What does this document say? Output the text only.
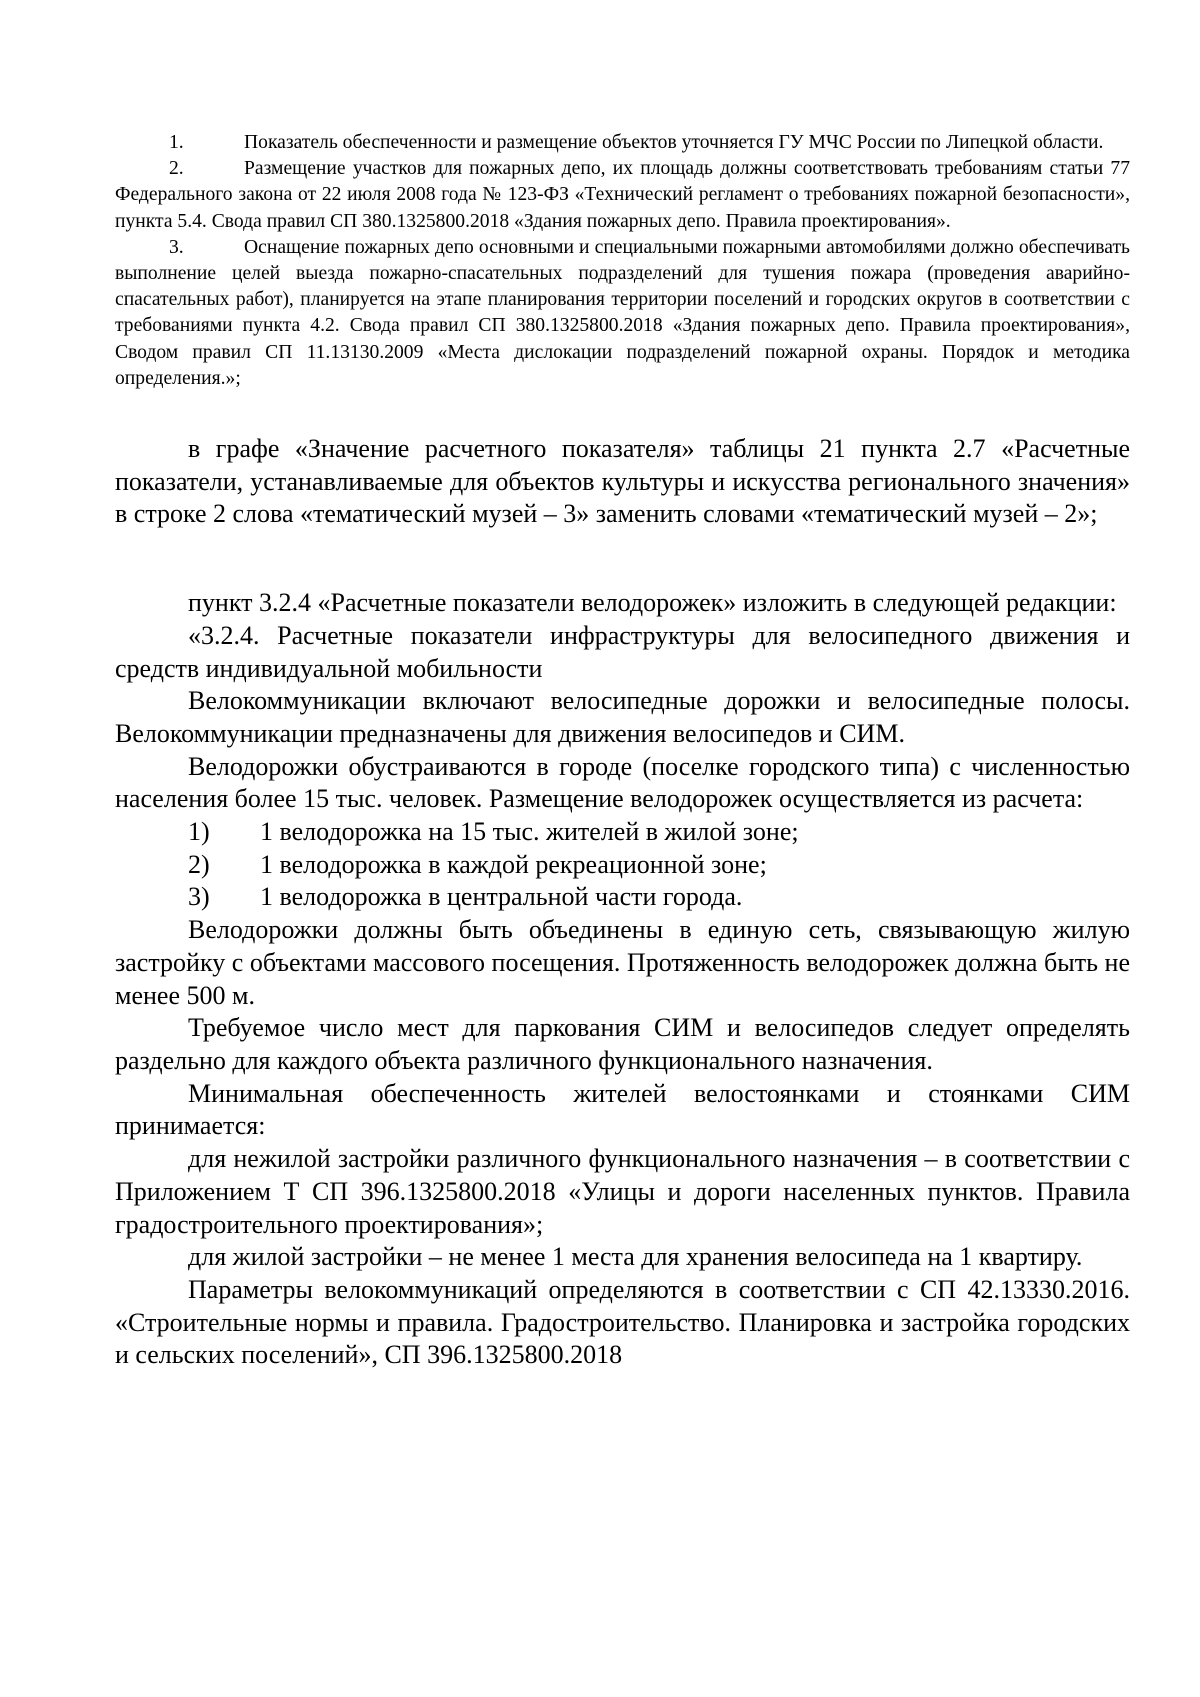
1.	Показатель обеспеченности и размещение объектов уточняется ГУ МЧС России по Липецкой области.
2.	Размещение участков для пожарных депо, их площадь должны соответствовать требованиям статьи 77 Федерального закона от 22 июля 2008 года № 123-ФЗ «Технический регламент о требованиях пожарной безопасности», пункта 5.4. Свода правил СП 380.1325800.2018 «Здания пожарных депо. Правила проектирования».
3.	Оснащение пожарных депо основными и специальными пожарными автомобилями должно обеспечивать выполнение целей выезда пожарно-спасательных подразделений для тушения пожара (проведения аварийно-спасательных работ), планируется на этапе планирования территории поселений и городских округов в соответствии с требованиями пункта 4.2. Свода правил СП 380.1325800.2018 «Здания пожарных депо. Правила проектирования», Сводом правил СП 11.13130.2009 «Места дислокации подразделений пожарной охраны. Порядок и методика определения.»;

в графе «Значение расчетного показателя» таблицы 21 пункта 2.7 «Расчетные показатели, устанавливаемые для объектов культуры и искусства регионального значения» в строке 2 слова «тематический музей – 3» заменить словами «тематический музей – 2»;

пункт 3.2.4 «Расчетные показатели велодорожек» изложить в следующей редакции:

«3.2.4. Расчетные показатели инфраструктуры для велосипедного движения и средств индивидуальной мобильности

Велокоммуникации включают велосипедные дорожки и велосипедные полосы. Велокоммуникации предназначены для движения велосипедов и СИМ.

Велодорожки обустраиваются в городе (поселке городского типа) с численностью населения более 15 тыс. человек. Размещение велодорожек осуществляется из расчета:

1) 1 велодорожка на 15 тыс. жителей в жилой зоне;

2) 1 велодорожка в каждой рекреационной зоне;

3) 1 велодорожка в центральной части города.

Велодорожки должны быть объединены в единую сеть, связывающую жилую застройку с объектами массового посещения. Протяженность велодорожек должна быть не менее 500 м.

Требуемое число мест для паркования СИМ и велосипедов следует определять раздельно для каждого объекта различного функционального назначения.

Минимальная обеспеченность жителей велостоянками и стоянками СИМ принимается:

для нежилой застройки различного функционального назначения – в соответствии с Приложением Т СП 396.1325800.2018 «Улицы и дороги населенных пунктов. Правила градостроительного проектирования»;

для жилой застройки – не менее 1 места для хранения велосипеда на 1 квартиру.

Параметры велокоммуникаций определяются в соответствии с СП 42.13330.2016. «Строительные нормы и правила. Градостроительство. Планировка и застройка городских и сельских поселений», СП 396.1325800.2018
